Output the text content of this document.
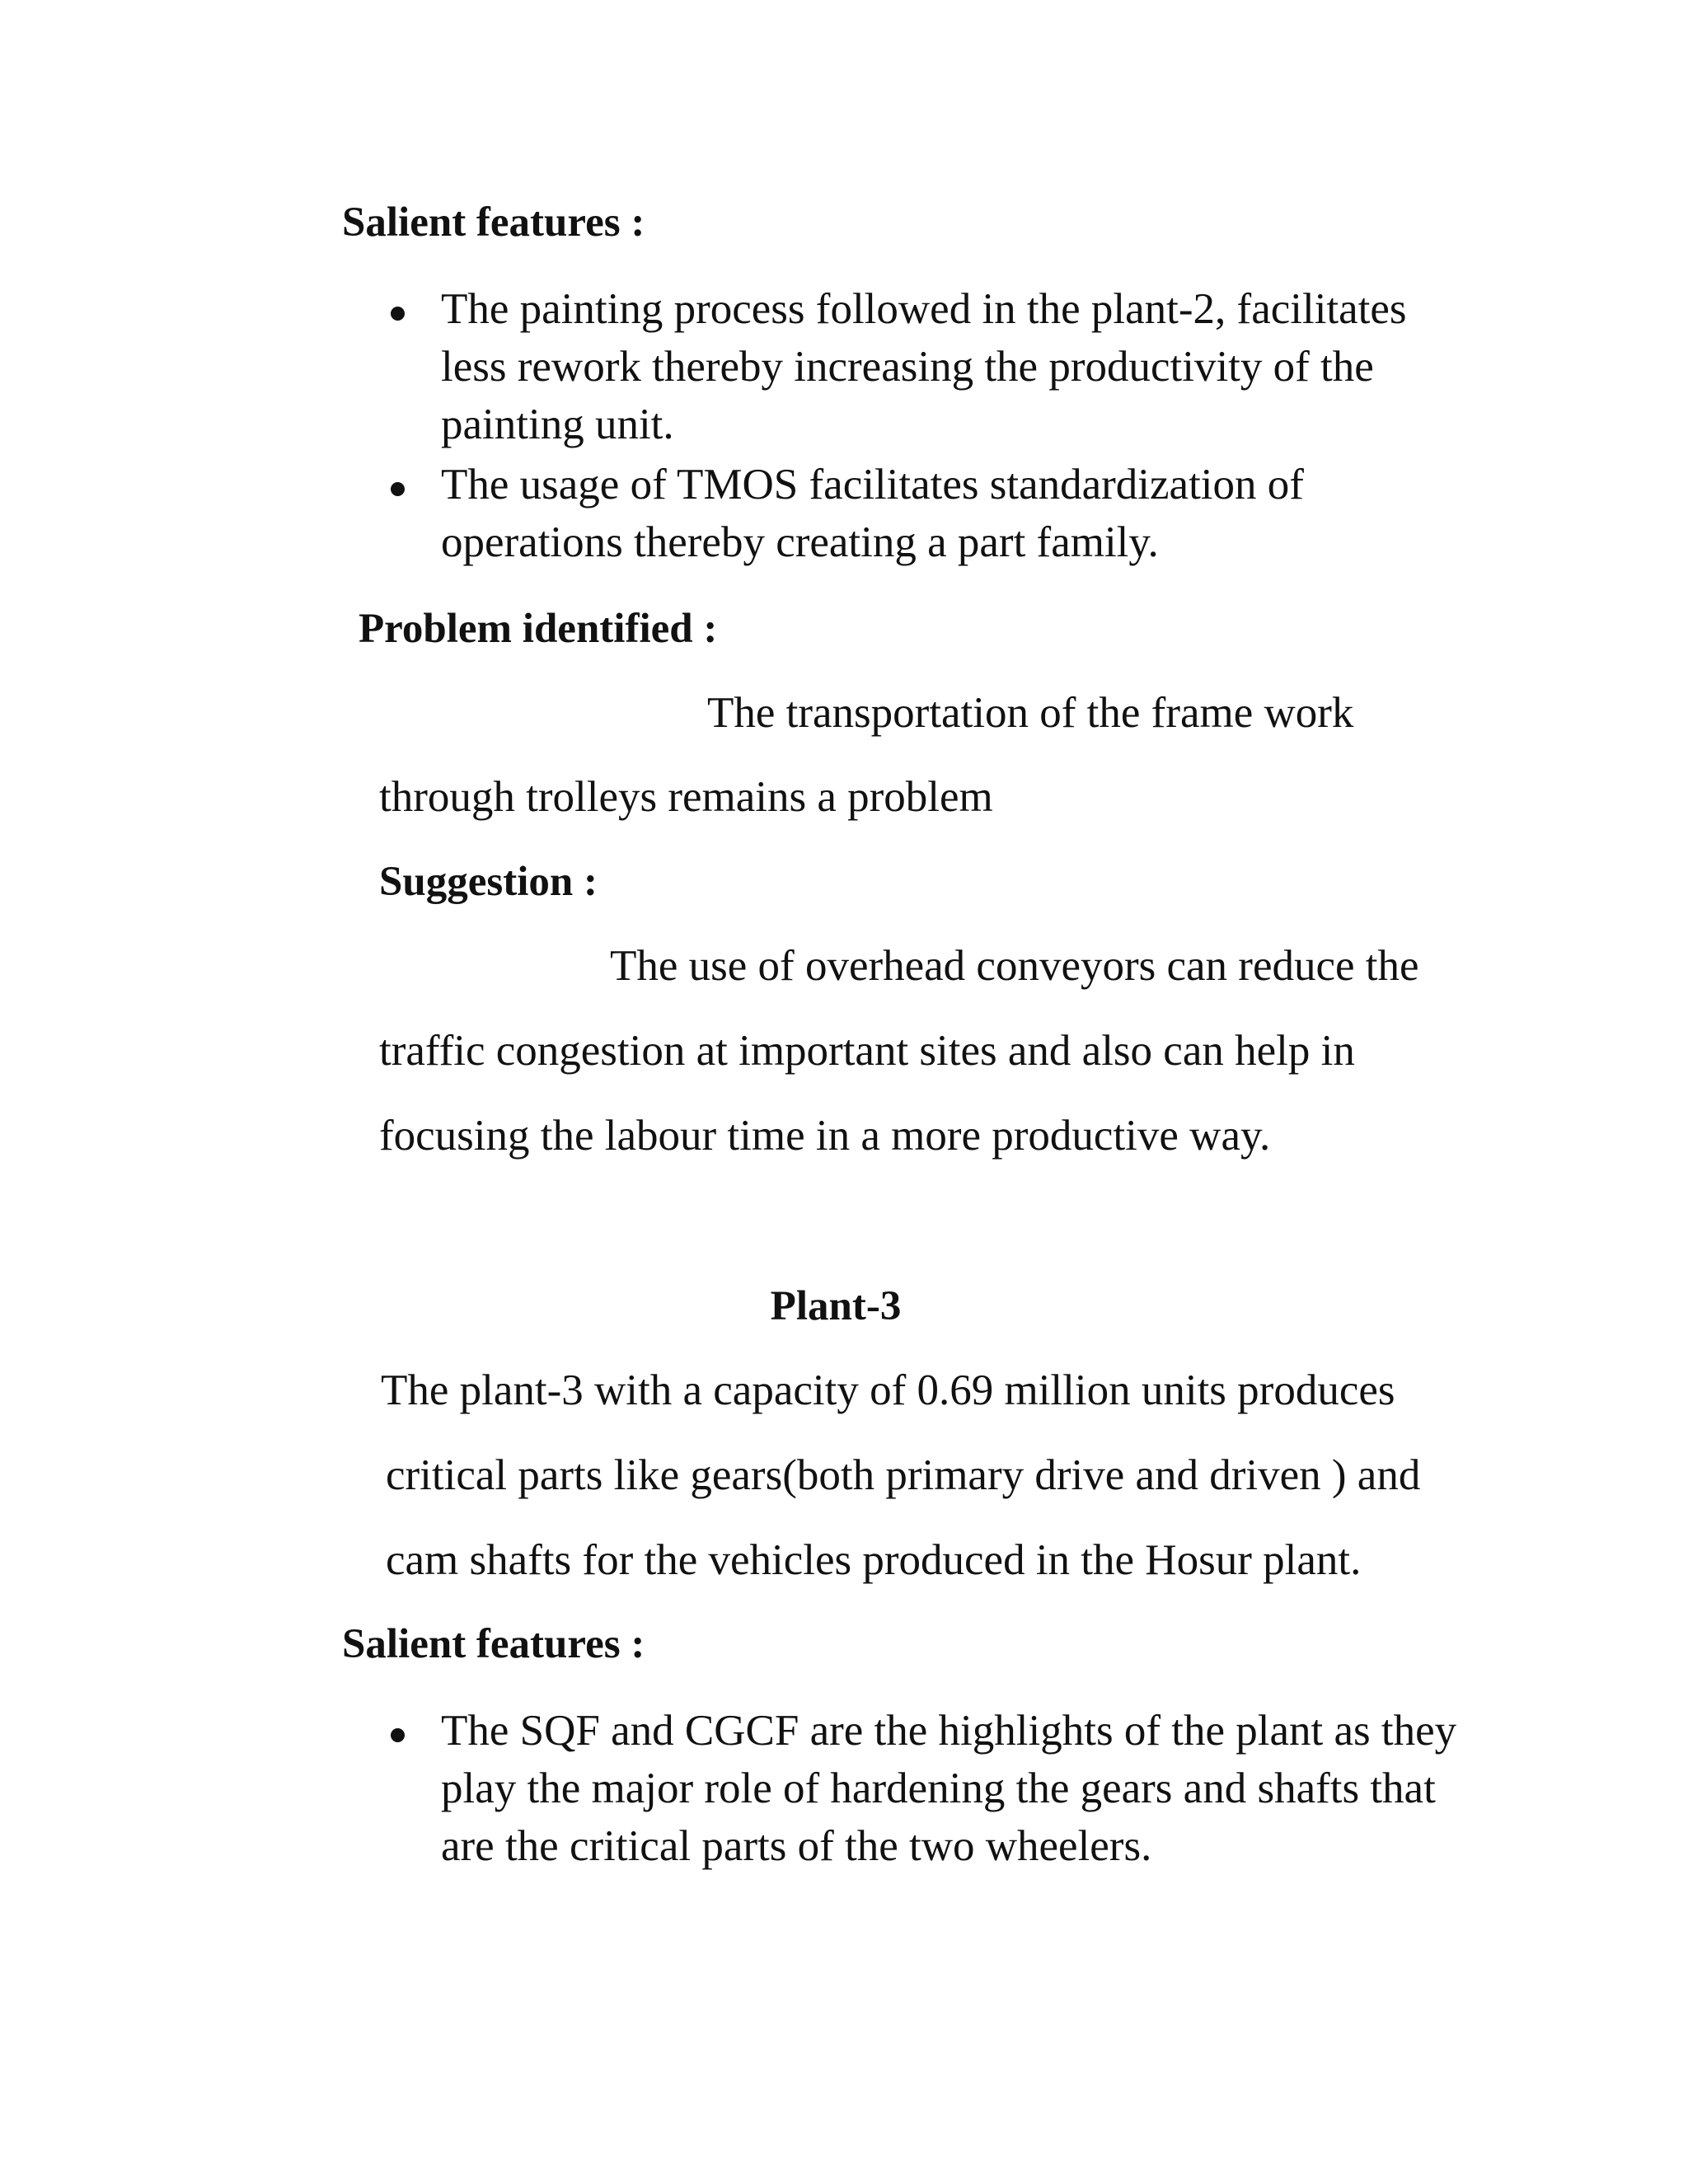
Salient features :
The painting process followed in the plant-2, facilitates
less rework thereby increasing the productivity of the
painting unit.
The usage of TMOS facilitates standardization of
operations thereby creating a part family.
Problem identified :
The transportation of the frame work
through trolleys remains a problem
Suggestion :
The use of overhead conveyors can reduce the
traffic congestion at important sites and also can help in
focusing the labour time in a more productive way.
Plant-3
The plant-3 with a capacity of 0.69 million units produces
critical parts like gears(both primary drive and driven ) and
cam shafts for the vehicles produced in the Hosur plant.
Salient features :
The SQF and CGCF are the highlights of the plant as they
play the major role of hardening the gears and shafts that
are the critical parts of the two wheelers.
